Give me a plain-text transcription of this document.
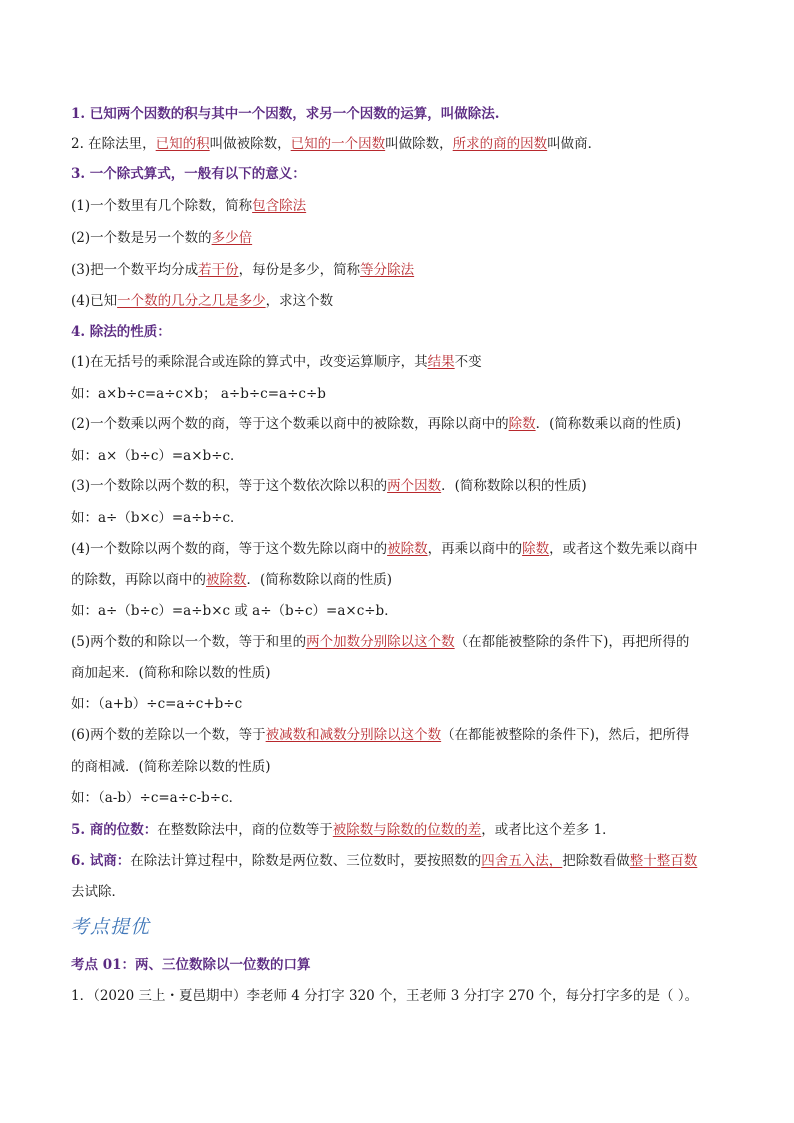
考点提优
1. 已知两个因数的积与其中一个因数，求另一个因数的运算，叫做除法.
2. 在除法里，已知的积叫做被除数，已知的一个因数叫做除数，所求的商的因数叫做商．
3. 一个除式算式，一般有以下的意义：
(1)一个数里有几个除数，简称包含除法
(2)一个数是另一个数的多少倍
(3)把一个数平均分成若干份，每份是多少，简称等分除法
(4)已知一个数的几分之几是多少，求这个数
4. 除法的性质：
(1)在无括号的乘除混合或连除的算式中，改变运算顺序，其结果不变
如：a×b÷c=a÷c×b； a÷b÷c=a÷c÷b
(2)一个数乘以两个数的商，等于这个数乘以商中的被除数，再除以商中的除数．(简称数乘以商的性质)
如：a×（b÷c）=a×b÷c．
(3)一个数除以两个数的积，等于这个数依次除以积的两个因数．(简称数除以积的性质)
如：a÷（b×c）=a÷b÷c．
(4)一个数除以两个数的商，等于这个数先除以商中的被除数，再乘以商中的除数，或者这个数先乘以商中
的除数，再除以商中的被除数．(简称数除以商的性质)
如：a÷（b÷c）=a÷b×c 或 a÷（b÷c）=a×c÷b．
(5)两个数的和除以一个数，等于和里的两个加数分别除以这个数（在都能被整除的条件下)，再把所得的
商加起来．(简称和除以数的性质)
如：（a+b）÷c=a÷c+b÷c
(6)两个数的差除以一个数，等于被减数和减数分别除以这个数（在都能被整除的条件下)，然后，把所得
的商相减．(简称差除以数的性质)
如：（a-b）÷c=a÷c-b÷c．
5. 商的位数：在整数除法中，商的位数等于被除数与除数的位数的差，或者比这个差多 1．
6. 试商：在除法计算过程中，除数是两位数、三位数时，要按照数的四舍五入法，把除数看做整十整百数
去试除．
考点 01：两、三位数除以一位数的口算
1．（2020 三上・夏邑期中）李老师 4 分打字 320 个，王老师 3 分打字 270 个，每分打字多的是（ ）。
